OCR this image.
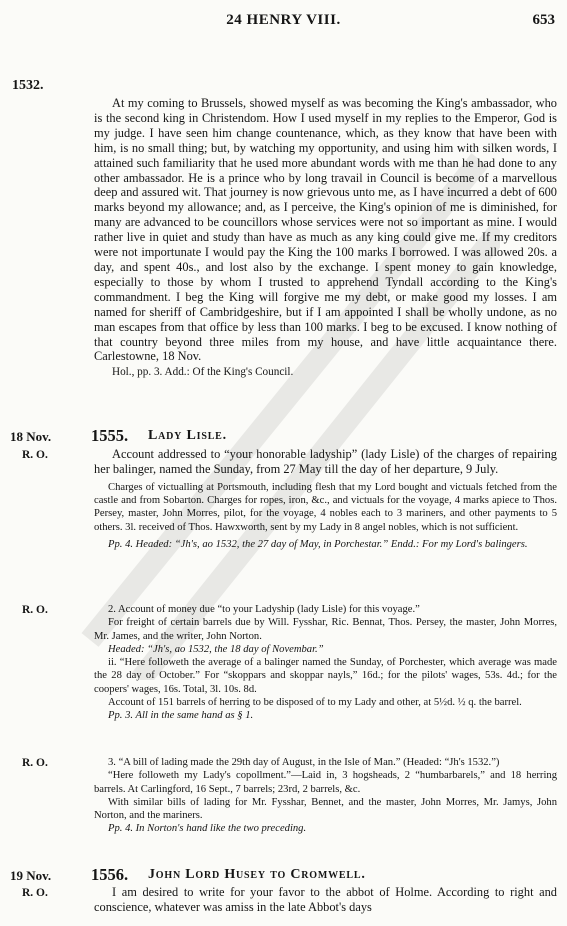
24 HENRY VIII.	653
1532.

At my coming to Brussels, showed myself as was becoming the King's ambassador, who is the second king in Christendom. How I used myself in my replies to the Emperor, God is my judge. I have seen him change countenance, which, as they know that have been with him, is no small thing; but, by watching my opportunity, and using him with silken words, I attained such familiarity that he used more abundant words with me than he had done to any other ambassador. He is a prince who by long travail in Council is become of a marvellous deep and assured wit. That journey is now grievous unto me, as I have incurred a debt of 600 marks beyond my allowance; and, as I perceive, the King's opinion of me is diminished, for many are advanced to be councillors whose services were not so important as mine. I would rather live in quiet and study than have as much as any king could give me. If my creditors were not importunate I would pay the King the 100 marks I borrowed. I was allowed 20s. a day, and spent 40s., and lost also by the exchange. I spent money to gain knowledge, especially to those by whom I trusted to apprehend Tyndall according to the King's commandment. I beg the King will forgive me my debt, or make good my losses. I am named for sheriff of Cambridgeshire, but if I am appointed I shall be wholly undone, as no man escapes from that office by less than 100 marks. I beg to be excused. I know nothing of that country beyond three miles from my house, and have little acquaintance there. Carlestowne, 18 Nov.

Hol., pp. 3. Add.: Of the King's Council.

18 Nov. 1555. Lady Lisle.
R. O.	Account addressed to “your honorable ladyship” (lady Lisle) of the charges of repairing her balinger, named the Sunday, from 27 May till the day of her departure, 9 July.

Charges of victualling at Portsmouth, including flesh that my Lord bought and victuals fetched from the castle and from Sobarton. Charges for ropes, iron, &c., and victuals for the voyage, 4 marks apiece to Thos. Persey, master, John Morres, pilot, for the voyage, 4 nobles each to 3 mariners, and other payments to 5 others. 3l. received of Thos. Hawxworth, sent by my Lady in 8 angel nobles, which is not sufficient.

Pp. 4. Headed: “Jh's, ao 1532, the 27 day of May, in Porchestar.” Endd.: For my Lord's balingers.

R. O.	2. Account of money due “to your Ladyship (lady Lisle) for this voyage.”

For freight of certain barrels due by Will. Fysshar, Ric. Bennat, Thos. Persey, the master, John Morres, Mr. James, and the writer, John Norton.

Headed: “Jh's, ao 1532, the 18 day of Novembar.”

ii. “Here followeth the average of a balinger named the Sunday, of Porchester, which average was made the 28 day of October.” For “skoppars and skoppar nayls,” 16d.; for the pilots' wages, 53s. 4d.; for the coopers' wages, 16s. Total, 3l. 10s. 8d.

Account of 151 barrels of herring to be disposed of to my Lady and other, at 5½d. ½ q. the barrel.

Pp. 3. All in the same hand as § 1.

R. O.	3. “A bill of lading made the 29th day of August, in the Isle of Man.” (Headed: “Jh's 1532.”)

“Here followeth my Lady's copollment.”—Laid in, 3 hogsheads, 2 “humbarbarels,” and 18 herring barrels. At Carlingford, 16 Sept., 7 barrels; 23rd, 2 barrels, &c.

With similar bills of lading for Mr. Fysshar, Bennet, and the master, John Morres, Mr. Jamys, John Norton, and the mariners.

Pp. 4. In Norton's hand like the two preceding.

19 Nov. 1556. John Lord Husey to Cromwell.
R. O.	I am desired to write for your favor to the abbot of Holme. According to right and conscience, whatever was amiss in the late Abbot's days
